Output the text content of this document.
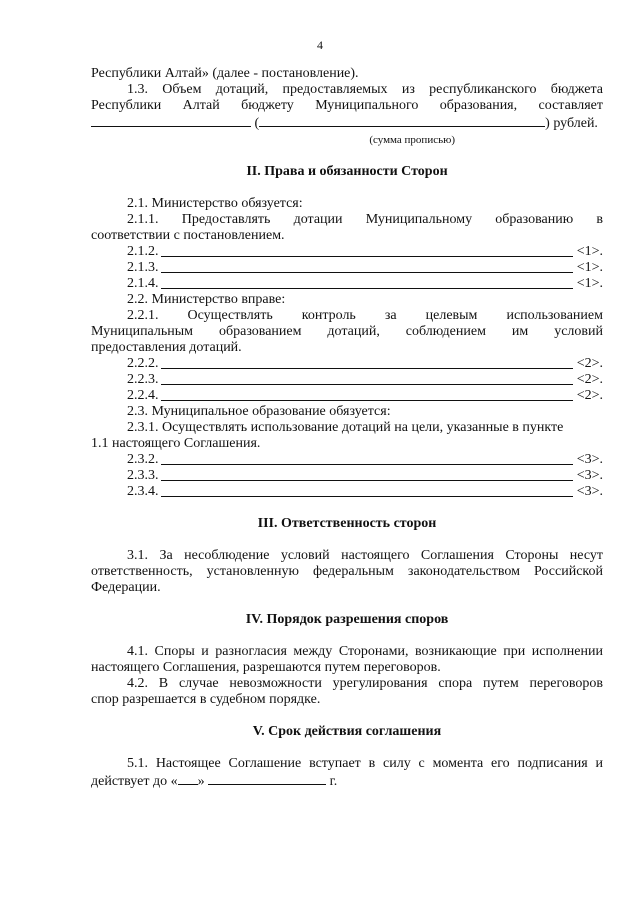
4
Республики Алтай» (далее - постановление).
1.3. Объем дотаций, предоставляемых из республиканского бюджета
Республики Алтай бюджету Муниципального образования, составляет
(	) рублей.
(сумма прописью)
II. Права и обязанности Сторон
2.1. Министерство обязуется:
2.1.1. Предоставлять дотации Муниципальному образованию в
соответствии с постановлением.
2.1.2.	<1>.
2.1.3.	<1>.
2.1.4.	<1>.
2.2. Министерство вправе:
2.2.1. Осуществлять контроль за целевым использованием
Муниципальным образованием дотаций, соблюдением им условий
предоставления дотаций.
2.2.2.	<2>.
2.2.3.	<2>.
2.2.4.	<2>.
2.3. Муниципальное образование обязуется:
2.3.1. Осуществлять использование дотаций на цели, указанные в пункте
1.1 настоящего Соглашения.
2.3.2.	<3>.
2.3.3.	<3>.
2.3.4.	<3>.
III. Ответственность сторон
3.1. За несоблюдение условий настоящего Соглашения Стороны несут
ответственность, установленную федеральным законодательством Российской
Федерации.
IV. Порядок разрешения споров
4.1. Споры и разногласия между Сторонами, возникающие при исполнении
настоящего Соглашения, разрешаются путем переговоров.
4.2. В случае невозможности урегулирования спора путем переговоров
спор разрешается в судебном порядке.
V. Срок действия соглашения
5.1. Настоящее Соглашение вступает в силу с момента его подписания и
действует до « »	г.
